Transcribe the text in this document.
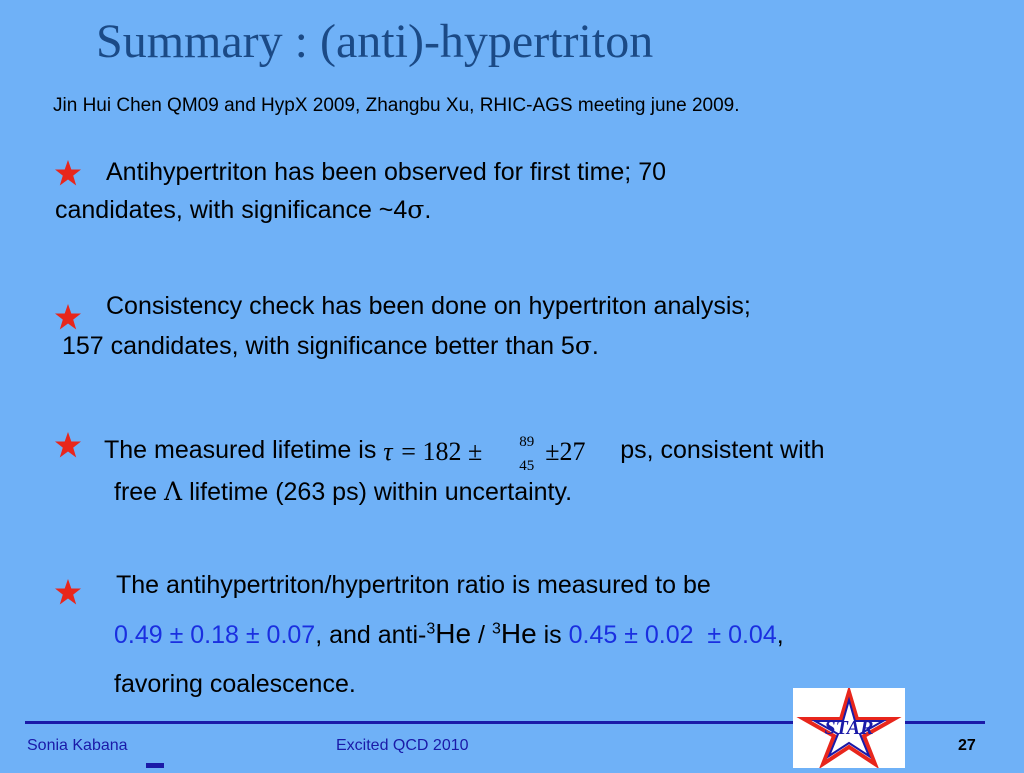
Summary : (anti)-hypertriton
Jin Hui Chen QM09 and HypX 2009, Zhangbu Xu, RHIC-AGS meeting june 2009.
Antihypertriton has been observed for first time; 70
candidates, with significance ~4σ.
Consistency check has been done on hypertriton analysis;
157 candidates, with significance better than 5σ.
The measured lifetime is τ = 182 ± 89
45 ±27 ps, consistent with
free Λ lifetime (263 ps) within uncertainty.
The antihypertriton/hypertriton ratio is measured to be
0.49 ± 0.18 ± 0.07, and anti-$^3$He / $^3$He is 0.45 ± 0.02  ± 0.04,
favoring coalescence.
Sonia Kabana	Excited QCD 2010	27
STAR
